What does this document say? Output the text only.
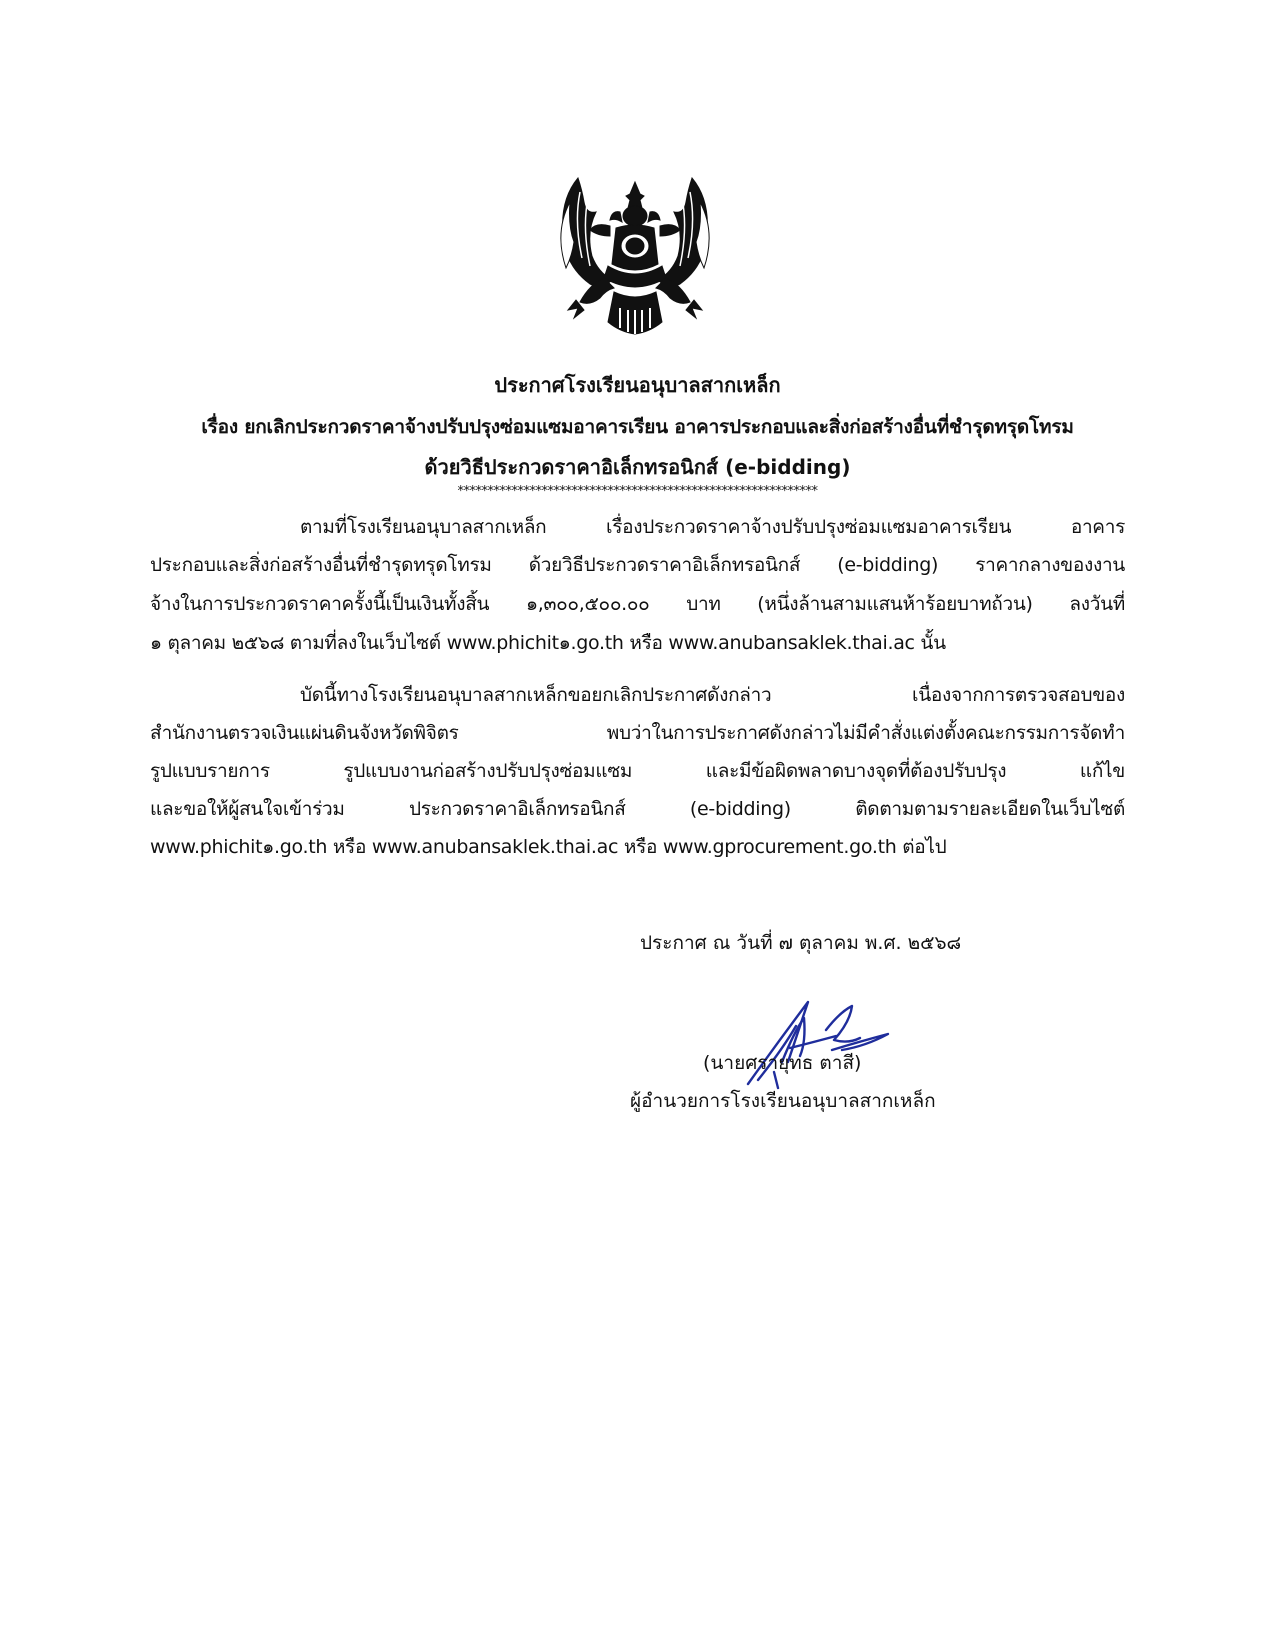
ประกาศโรงเรียนอนุบาลสากเหล็ก
เรื่อง ยกเลิกประกวดราคาจ้างปรับปรุงซ่อมแซมอาคารเรียน อาคารประกอบและสิ่งก่อสร้างอื่นที่ชำรุดทรุดโทรม
ด้วยวิธีประกวดราคาอิเล็กทรอนิกส์ (e-bidding)
************************************************************
ตามที่โรงเรียนอนุบาลสากเหล็ก เรื่องประกวดราคาจ้างปรับปรุงซ่อมแซมอาคารเรียน อาคาร
ประกอบและสิ่งก่อสร้างอื่นที่ชำรุดทรุดโทรม ด้วยวิธีประกวดราคาอิเล็กทรอนิกส์ (e-bidding) ราคากลางของงาน
จ้างในการประกวดราคาครั้งนี้เป็นเงินทั้งสิ้น ๑,๓๐๐,๕๐๐.๐๐ บาท (หนึ่งล้านสามแสนห้าร้อยบาทถ้วน) ลงวันที่
๑ ตุลาคม ๒๕๖๘ ตามที่ลงในเว็บไซต์ www.phichit๑.go.th หรือ www.anubansaklek.thai.ac นั้น
บัดนี้ทางโรงเรียนอนุบาลสากเหล็กขอยกเลิกประกาศดังกล่าว เนื่องจากการตรวจสอบของ
สำนักงานตรวจเงินแผ่นดินจังหวัดพิจิตร พบว่าในการประกาศดังกล่าวไม่มีคำสั่งแต่งตั้งคณะกรรมการจัดทำ
รูปแบบรายการ รูปแบบงานก่อสร้างปรับปรุงซ่อมแซม และมีข้อผิดพลาดบางจุดที่ต้องปรับปรุง แก้ไข
และขอให้ผู้สนใจเข้าร่วม ประกวดราคาอิเล็กทรอนิกส์ (e-bidding) ติดตามตามรายละเอียดในเว็บไซต์
www.phichit๑.go.th หรือ www.anubansaklek.thai.ac หรือ www.gprocurement.go.th ต่อไป
ประกาศ ณ วันที่ ๗ ตุลาคม พ.ศ. ๒๕๖๘
(นายศรายุทธ ตาสี)
ผู้อำนวยการโรงเรียนอนุบาลสากเหล็ก
